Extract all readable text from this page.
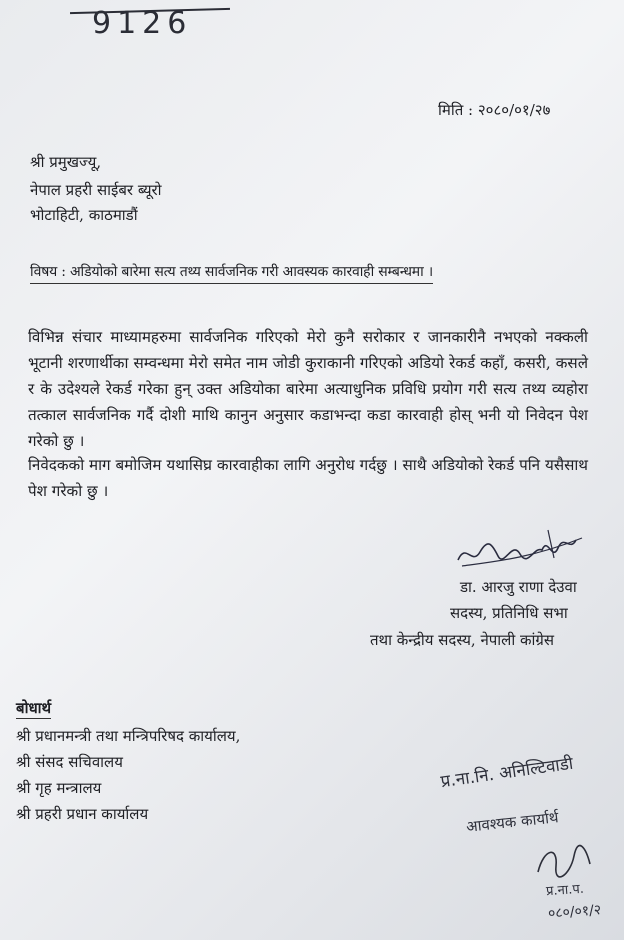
9126
मिति : २०८०/०१/२७
श्री प्रमुखज्यू,
नेपाल प्रहरी साईबर ब्यूरो
भोटाहिटी, काठमाडौं
विषय : अडियोको बारेमा सत्य तथ्य सार्वजनिक गरी आवस्यक कारवाही सम्बन्धमा ।
विभिन्न संचार माध्यामहरुमा सार्वजनिक गरिएको मेरो कुनै सरोकार र जानकारीनै नभएको नक्कली भूटानी शरणार्थीका सम्वन्धमा मेरो समेत नाम जोडी कुराकानी गरिएको अडियो रेकर्ड कहाँ, कसरी, कसले र के उदेश्यले रेकर्ड गरेका हुन् उक्त अडियोका बारेमा अत्याधुनिक प्रविधि प्रयोग गरी सत्य तथ्य व्यहोरा तत्काल सार्वजनिक गर्दै दोशी माथि कानुन अनुसार कडाभन्दा कडा कारवाही होस् भनी यो निवेदन पेश गरेको छु ।
निवेदकको माग बमोजिम यथासिघ्र कारवाहीका लागि अनुरोध गर्दछु । साथै अडियोको रेकर्ड पनि यसैसाथ पेश गरेको छु ।
डा. आरजु राणा देउवा
सदस्य, प्रतिनिधि सभा
तथा केन्द्रीय सदस्य, नेपाली कांग्रेस
बोधार्थ
श्री प्रधानमन्त्री तथा मन्त्रिपरिषद कार्यालय,
श्री संसद सचिवालय
श्री गृह मन्त्रालय
श्री प्रहरी प्रधान कार्यालय
प्र.ना.नि. अनिल्टिवाडी
आवश्यक कार्यार्थ
प्र.ना.प.
०८०/०१/२
